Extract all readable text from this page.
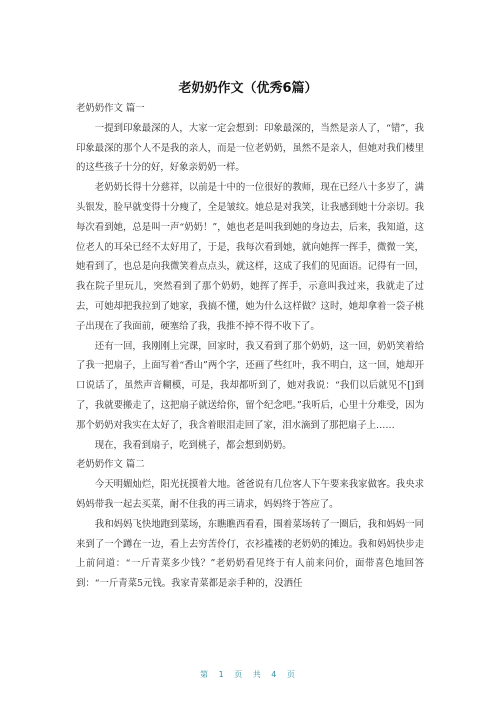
老奶奶作文（优秀6篇）

老奶奶作文 篇一

一提到印象最深的人，大家一定会想到：印象最深的，当然是亲人了，“错”，我印象最深的那个人不是我的亲人，而是一位老奶奶，虽然不是亲人，但她对我们楼里的这些孩子十分的好，好象亲奶奶一样。

老奶奶长得十分慈祥，以前是十中的一位很好的教师，现在已经八十多岁了，满头银发，脸早就变得十分瘦了，全是皱纹。她总是对我笑，让我感到她十分亲切。我每次看到她，总是叫一声“奶奶！”，她也老是叫我到她的身边去，后来，我知道，这位老人的耳朵已经不太好用了，于是，我每次看到她，就向她挥一挥手，微微一笑，她看到了，也总是向我微笑着点点头，就这样，这成了我们的见面语。记得有一回，我在院子里玩儿，突然看到了那个奶奶，她挥了挥手，示意叫我过来，我就走了过去，可她却把我拉到了她家，我搞不懂，她为什么这样做？这时，她却拿着一袋子桃子出现在了我面前，硬塞给了我，我推不掉不得不收下了。

还有一回，我刚刚上完课，回家时，我又看到了那个奶奶，这一回，奶奶笑着给了我一把扇子，上面写着“香山”两个字，还画了些红叶，我不明白，这一回，她却开口说话了，虽然声音糊模，可是，我却都听到了，她对我说：“我们以后就见不[]到了，我就要搬走了，这把扇子就送给你，留个纪念吧。”我听后，心里十分难受，因为那个奶奶对我实在太好了，我含着眼泪走回了家，泪水滴到了那把扇子上……

现在，我看到扇子，吃到桃子，都会想到奶奶。

老奶奶作文 篇二

今天明媚灿烂，阳光抚摸着大地。爸爸说有几位客人下午要来我家做客。我央求妈妈带我一起去买菜，耐不住我的再三请求，妈妈终于答应了。

我和妈妈飞快地跑到菜场，东瞧瞧西看看，围着菜场转了一圈后，我和妈妈一同来到了一个蹲在一边，看上去穷苦伶仃，衣衫褴褛的老奶奶的摊边。我和妈妈快步走上前问道：“一斤青菜多少钱？”老奶奶看见终于有人前来问价，面带喜色地回答到：“一斤青菜5元钱。我家青菜都是亲手种的，没洒任

第 1 页 共 4 页
